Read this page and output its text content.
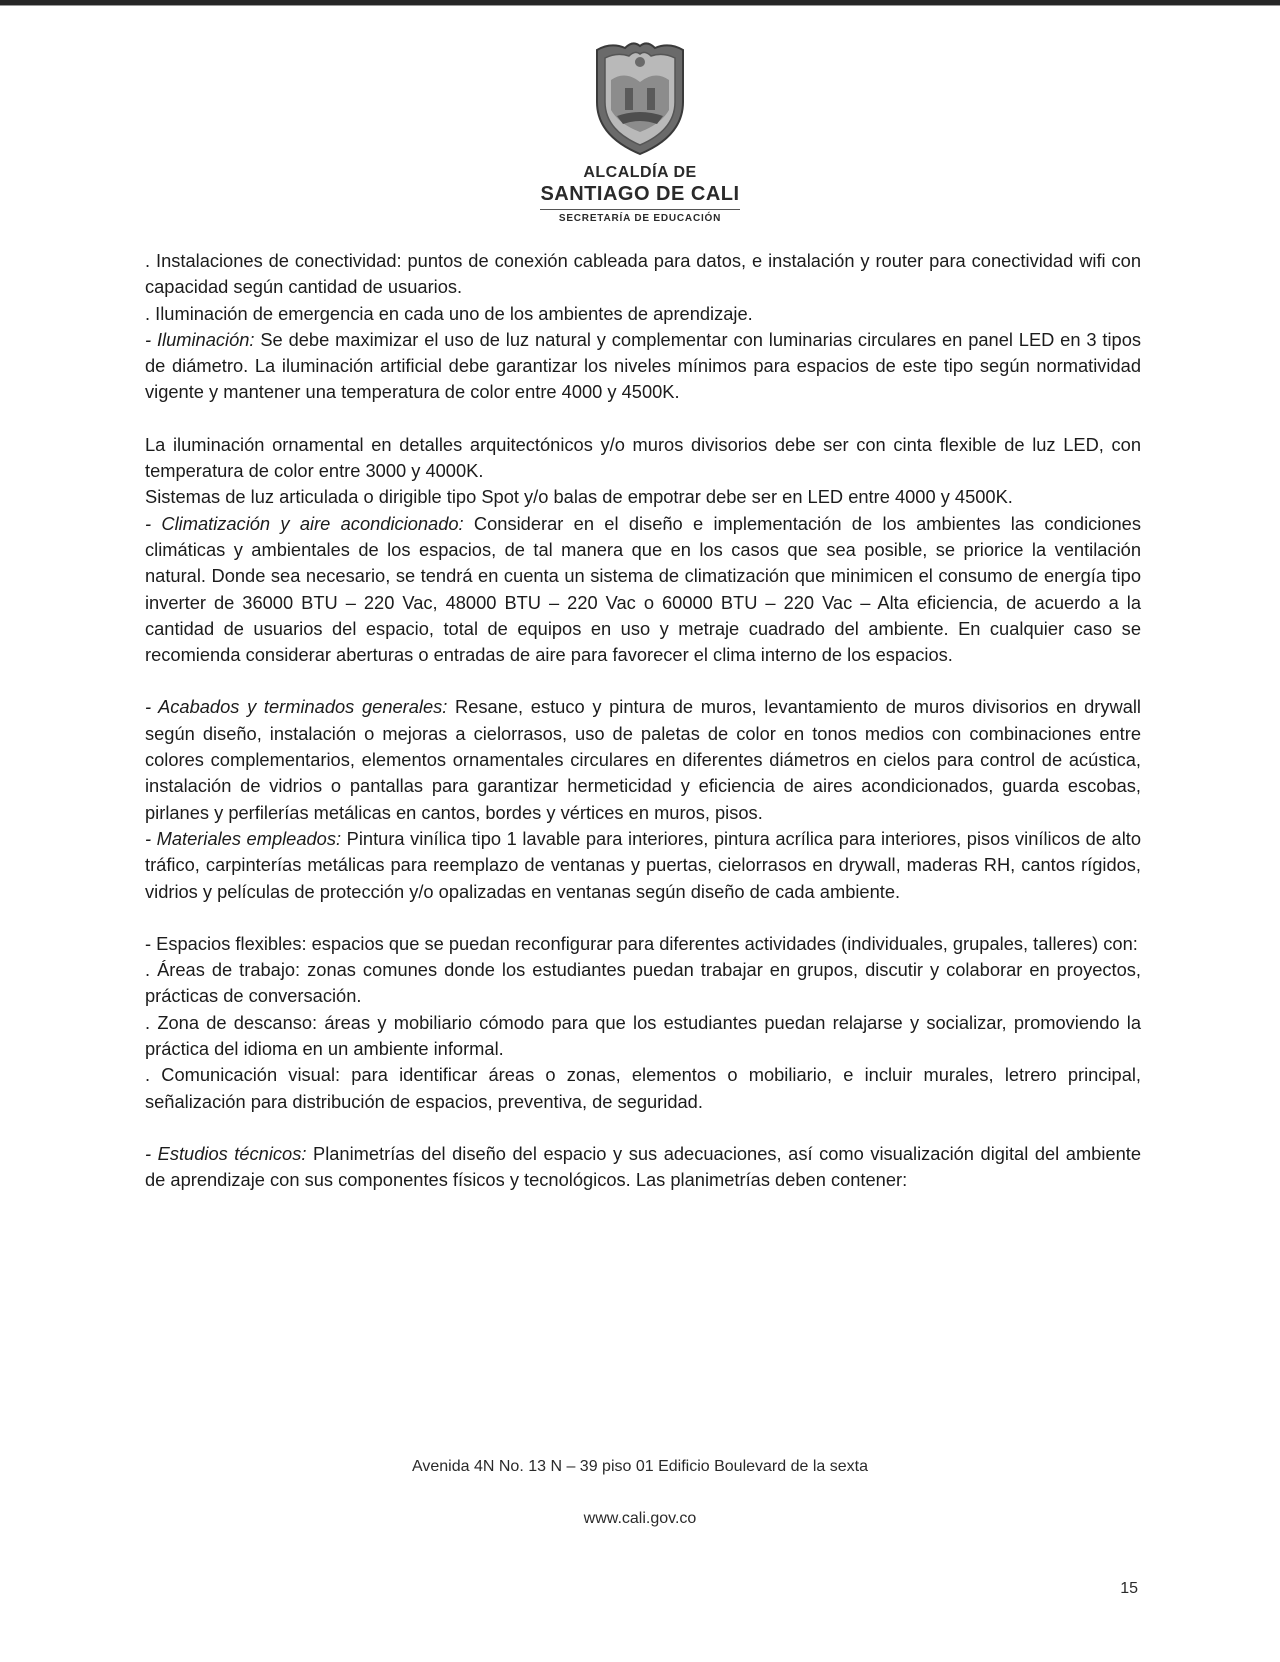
ALCALDÍA DE
SANTIAGO DE CALI
SECRETARÍA DE EDUCACIÓN

. Instalaciones de conectividad: puntos de conexión cableada para datos, e instalación y router para conectividad wifi con capacidad según cantidad de usuarios.

. Iluminación de emergencia en cada uno de los ambientes de aprendizaje.

- Iluminación: Se debe maximizar el uso de luz natural y complementar con luminarias circulares en panel LED en 3 tipos de diámetro. La iluminación artificial debe garantizar los niveles mínimos para espacios de este tipo según normatividad vigente y mantener una temperatura de color entre 4000 y 4500K.

La iluminación ornamental en detalles arquitectónicos y/o muros divisorios debe ser con cinta flexible de luz LED, con temperatura de color entre 3000 y 4000K.

Sistemas de luz articulada o dirigible tipo Spot y/o balas de empotrar debe ser en LED entre 4000 y 4500K.

- Climatización y aire acondicionado: Considerar en el diseño e implementación de los ambientes las condiciones climáticas y ambientales de los espacios, de tal manera que en los casos que sea posible, se priorice la ventilación natural. Donde sea necesario, se tendrá en cuenta un sistema de climatización que minimicen el consumo de energía tipo inverter de 36000 BTU – 220 Vac, 48000 BTU – 220 Vac o 60000 BTU – 220 Vac – Alta eficiencia, de acuerdo a la cantidad de usuarios del espacio, total de equipos en uso y metraje cuadrado del ambiente. En cualquier caso se recomienda considerar aberturas o entradas de aire para favorecer el clima interno de los espacios.

- Acabados y terminados generales: Resane, estuco y pintura de muros, levantamiento de muros divisorios en drywall según diseño, instalación o mejoras a cielorrasos, uso de paletas de color en tonos medios con combinaciones entre colores complementarios, elementos ornamentales circulares en diferentes diámetros en cielos para control de acústica, instalación de vidrios o pantallas para garantizar hermeticidad y eficiencia de aires acondicionados, guarda escobas, pirlanes y perfilerías metálicas en cantos, bordes y vértices en muros, pisos.

- Materiales empleados: Pintura vinílica tipo 1 lavable para interiores, pintura acrílica para interiores, pisos vinílicos de alto tráfico, carpinterías metálicas para reemplazo de ventanas y puertas, cielorrasos en drywall, maderas RH, cantos rígidos, vidrios y películas de protección y/o opalizadas en ventanas según diseño de cada ambiente.

- Espacios flexibles: espacios que se puedan reconfigurar para diferentes actividades (individuales, grupales, talleres) con:

. Áreas de trabajo: zonas comunes donde los estudiantes puedan trabajar en grupos, discutir y colaborar en proyectos, prácticas de conversación.

. Zona de descanso: áreas y mobiliario cómodo para que los estudiantes puedan relajarse y socializar, promoviendo la práctica del idioma en un ambiente informal.

. Comunicación visual: para identificar áreas o zonas, elementos o mobiliario, e incluir murales, letrero principal, señalización para distribución de espacios, preventiva, de seguridad.

- Estudios técnicos: Planimetrías del diseño del espacio y sus adecuaciones, así como visualización digital del ambiente de aprendizaje con sus componentes físicos y tecnológicos. Las planimetrías deben contener:

Avenida 4N No. 13 N – 39 piso 01 Edificio Boulevard de la sexta
www.cali.gov.co
15
